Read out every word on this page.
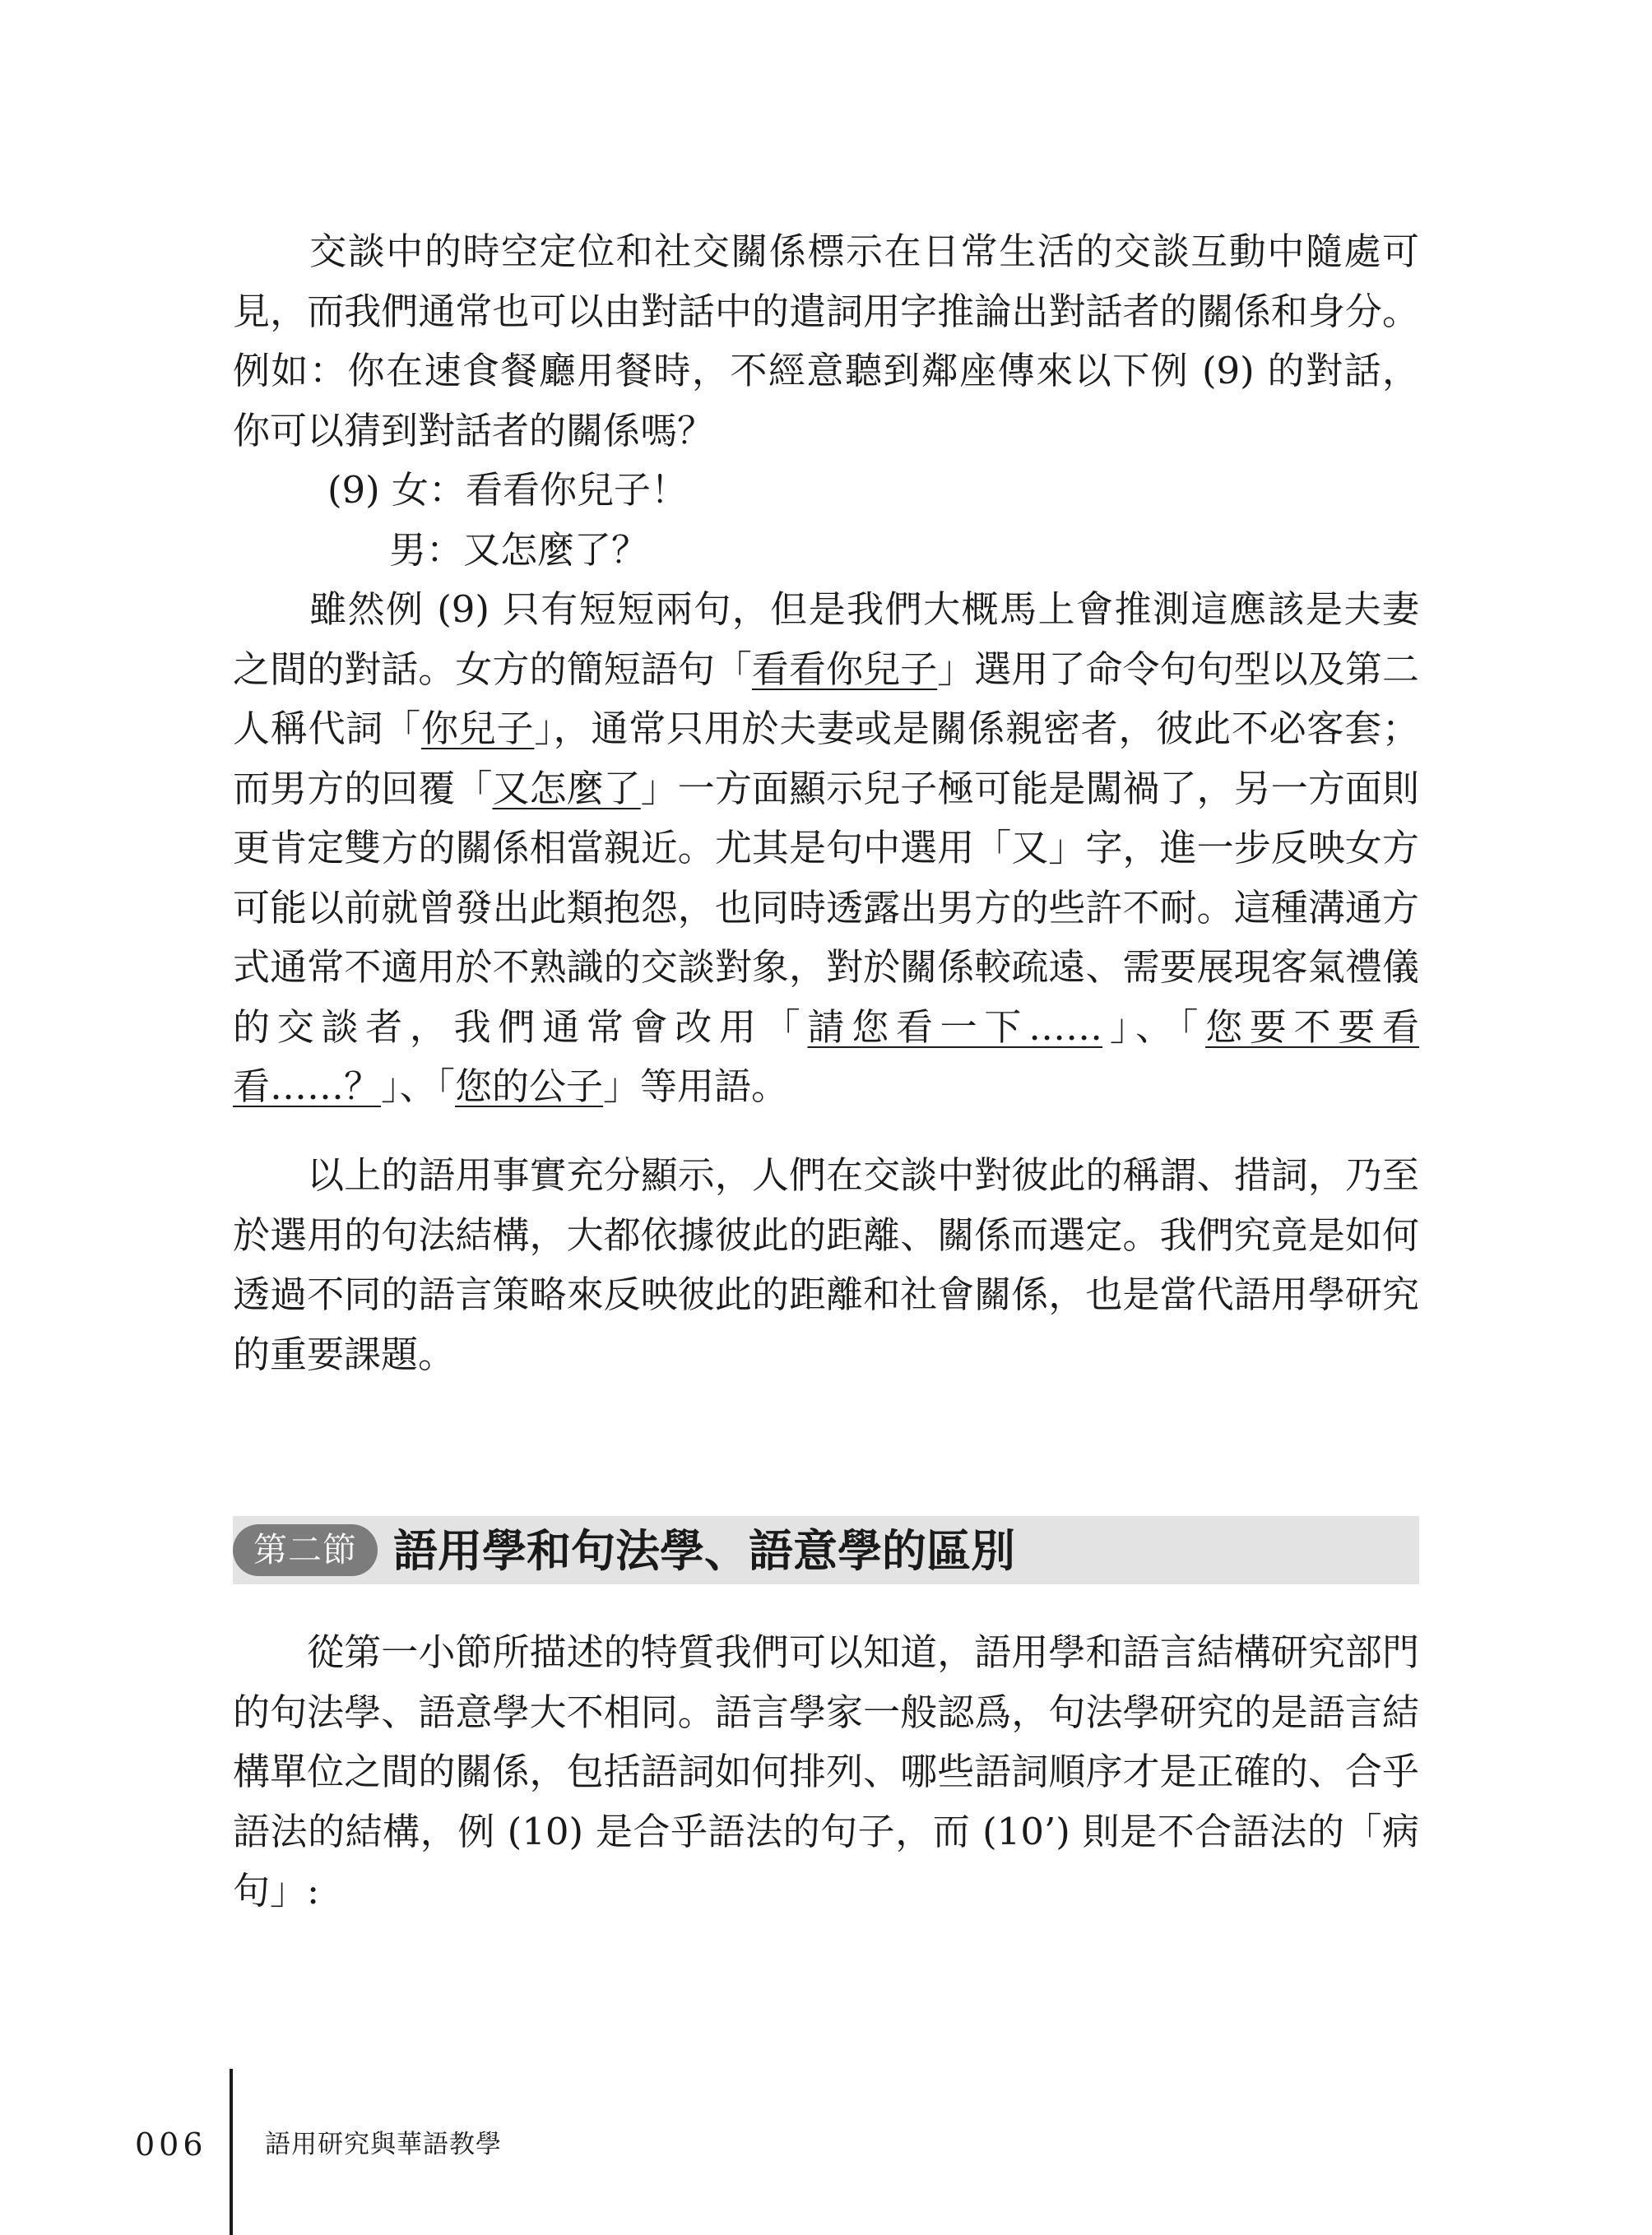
　　交談中的時空定位和社交關係標示在日常生活的交談互動中隨處可見，而我們通常也可以由對話中的遣詞用字推論出對話者的關係和身分。例如：你在速食餐廳用餐時，不經意聽到鄰座傳來以下例 (9) 的對話，你可以猜到對話者的關係嗎？

(9) 女：看看你兒子！
男：又怎麼了？

　　雖然例 (9) 只有短短兩句，但是我們大概馬上會推測這應該是夫妻之間的對話。女方的簡短語句「看看你兒子」選用了命令句句型以及第二人稱代詞「你兒子」，通常只用於夫妻或是關係親密者，彼此不必客套；而男方的回覆「又怎麼了」一方面顯示兒子極可能是闖禍了，另一方面則更肯定雙方的關係相當親近。尤其是句中選用「又」字，進一步反映女方可能以前就曾發出此類抱怨，也同時透露出男方的些許不耐。這種溝通方式通常不適用於不熟識的交談對象，對於關係較疏遠、需要展現客氣禮儀的交談者，我們通常會改用「請您看一下……」、「您要不要看看……？」、「您的公子」等用語。

　　以上的語用事實充分顯示，人們在交談中對彼此的稱謂、措詞，乃至於選用的句法結構，大都依據彼此的距離、關係而選定。我們究竟是如何透過不同的語言策略來反映彼此的距離和社會關係，也是當代語用學研究的重要課題。

第二節 語用學和句法學、語意學的區別

　　從第一小節所描述的特質我們可以知道，語用學和語言結構研究部門的句法學、語意學大不相同。語言學家一般認爲，句法學研究的是語言結構單位之間的關係，包括語詞如何排列、哪些語詞順序才是正確的、合乎語法的結構，例 (10) 是合乎語法的句子，而 (10’) 則是不合語法的「病句」:

006 語用研究與華語教學
